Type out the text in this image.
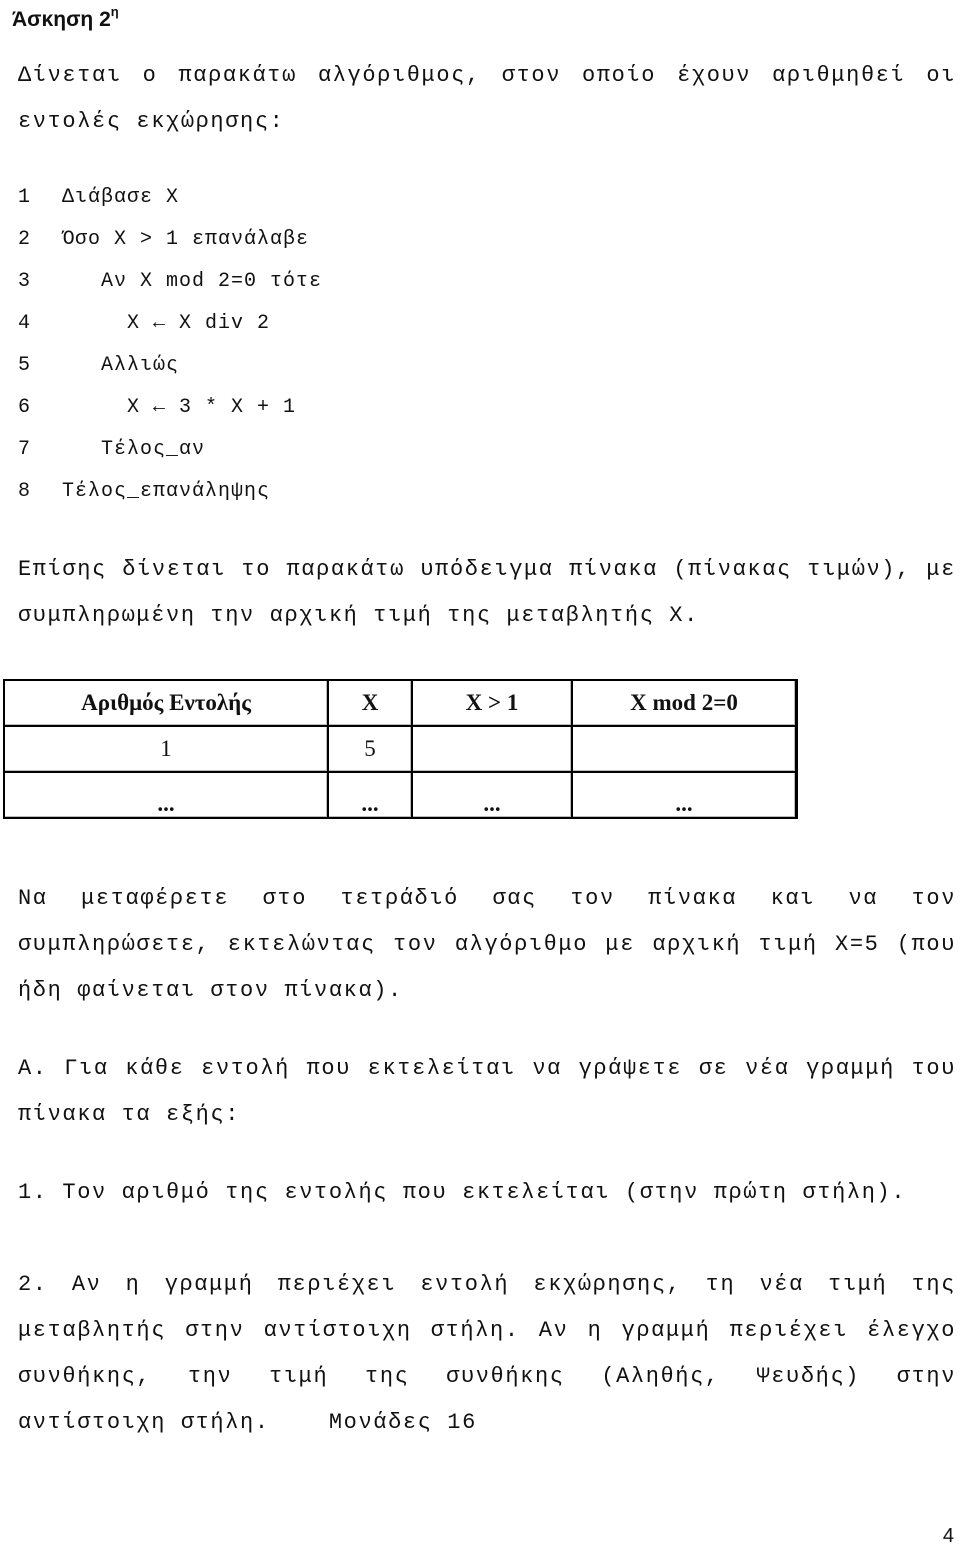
Άσκηση $2^\eta$
Δίνεται ο παρακάτω αλγόριθμος, στον οποίο έχουν αριθμηθεί οι εντολές εκχώρησης:
1 Διάβασε Χ
2 Όσο Χ > 1 επανάλαβε
3   Αν Χ mod 2=0 τότε
4     Χ ← Χ div 2
5   Αλλιώς
6     Χ ← 3 * Χ + 1
7   Τέλος_αν
8 Τέλος_επανάληψης
Επίσης δίνεται το παρακάτω υπόδειγμα πίνακα (πίνακας τιμών), με συμπληρωμένη την αρχική τιμή της μεταβλητής Χ.
Αριθμός Εντολής	Χ	Χ > 1	Χ mod 2=0
1	5		
...	...	...	...
Να μεταφέρετε στο τετράδιό σας τον πίνακα και να τον συμπληρώσετε, εκτελώντας τον αλγόριθμο με αρχική τιμή Χ=5 (που ήδη φαίνεται στον πίνακα).
Α. Για κάθε εντολή που εκτελείται να γράψετε σε νέα γραμμή του πίνακα τα εξής:
1. Τον αριθμό της εντολής που εκτελείται (στην πρώτη στήλη).
2. Αν η γραμμή περιέχει εντολή εκχώρησης, τη νέα τιμή της μεταβλητής στην αντίστοιχη στήλη. Αν η γραμμή περιέχει έλεγχο συνθήκης, την τιμή της συνθήκης (Αληθής, Ψευδής) στην αντίστοιχη στήλη.	Μονάδες 16
4
